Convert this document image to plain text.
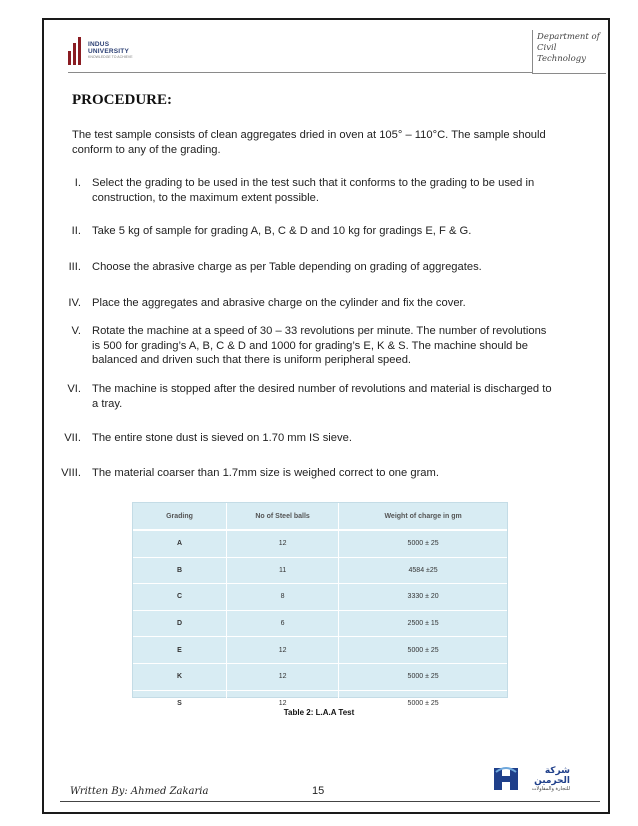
INDUS
UNIVERSITY
KNOWLEDGE TO ACHIEVE
Department of
Civil
Technology
PROCEDURE:
The test sample consists of clean aggregates dried in oven at 105° – 110°C. The sample should conform to any of the grading.
I. Select the grading to be used in the test such that it conforms to the grading to be used in construction, to the maximum extent possible.
II. Take 5 kg of sample for grading A, B, C & D and 10 kg for gradings E, F & G.
III. Choose the abrasive charge as per Table depending on grading of aggregates.
IV. Place the aggregates and abrasive charge on the cylinder and fix the cover.
V. Rotate the machine at a speed of 30 – 33 revolutions per minute. The number of revolutions is 500 for grading’s A, B, C & D and 1000 for grading’s E, K & S. The machine should be balanced and driven such that there is uniform peripheral speed.
VI. The machine is stopped after the desired number of revolutions and material is discharged to a tray.
VII. The entire stone dust is sieved on 1.70 mm IS sieve.
VIII. The material coarser than 1.7mm size is weighed correct to one gram.
Grading	No of Steel balls	Weight of charge in gm
A	12	5000 ± 25
B	11	4584 ±25
C	8	3330 ± 20
D	6	2500 ± 15
E	12	5000 ± 25
K	12	5000 ± 25
S	12	5000 ± 25
Table 2: L.A.A Test
Written By: Ahmed Zakaria	15
شركة الحرمين
للتجارة والمقاولات
